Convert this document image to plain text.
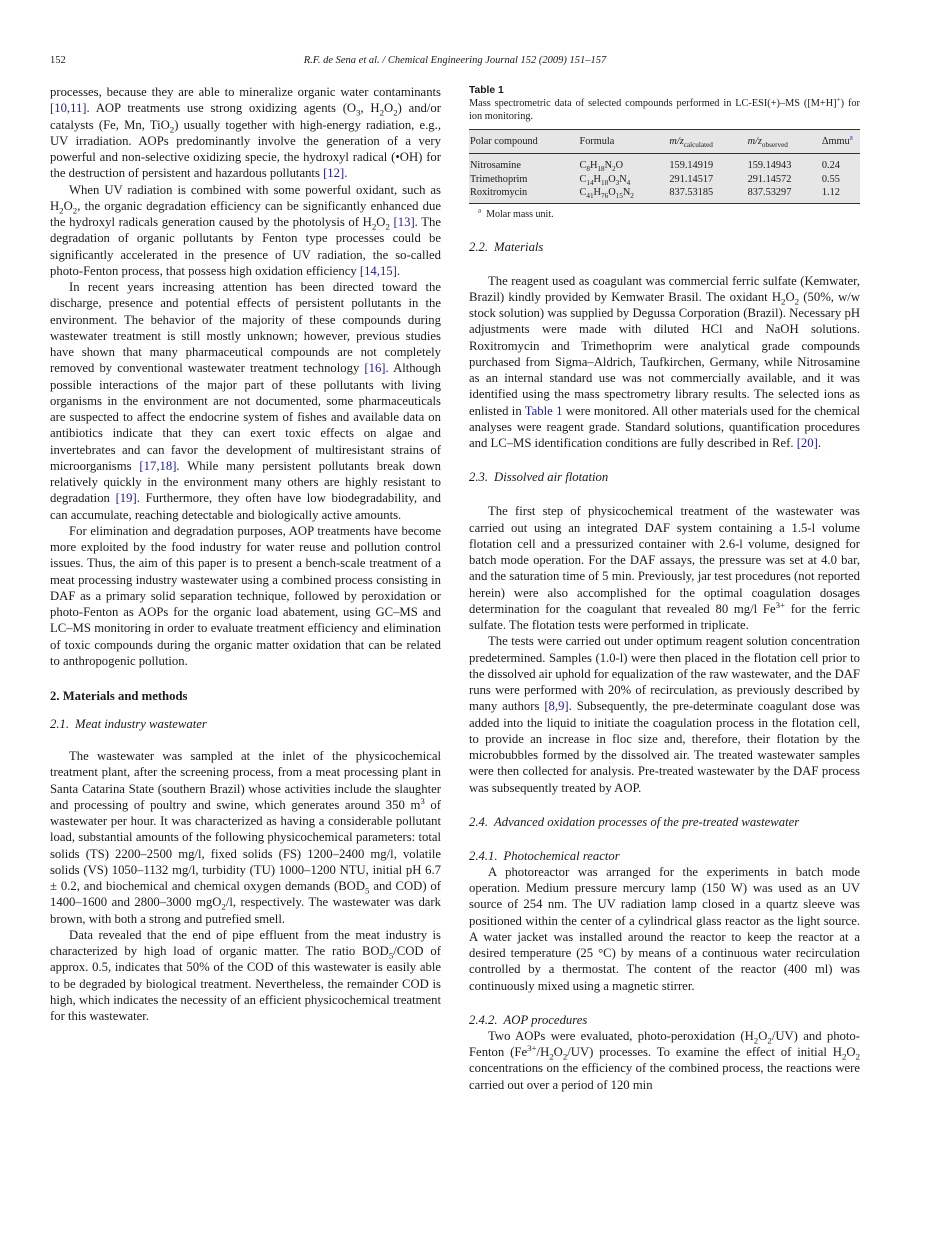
152	R.F. de Sena et al. / Chemical Engineering Journal 152 (2009) 151–157

processes, because they are able to mineralize organic water contaminants [10,11]. AOP treatments use strong oxidizing agents ($O_3$, $H_2O_2$) and/or catalysts (Fe, Mn, TiO$_2$) usually together with high-energy radiation, e.g., UV irradiation. AOPs predominantly involve the generation of a very powerful and non-selective oxidizing specie, the hydroxyl radical (•OH) for the destruction of persistent and hazardous pollutants [12].

When UV radiation is combined with some powerful oxidant, such as $H_2O_2$, the organic degradation efficiency can be significantly enhanced due the hydroxyl radicals generation caused by the photolysis of $H_2O_2$ [13]. The degradation of organic pollutants by Fenton type processes could be significantly accelerated in the presence of UV radiation, the so-called photo-Fenton process, that possess high oxidation efficiency [14,15].

In recent years increasing attention has been directed toward the discharge, presence and potential effects of persistent pollutants in the environment. The behavior of the majority of these compounds during wastewater treatment is still mostly unknown; however, previous studies have shown that many pharmaceutical compounds are not completely removed by conventional wastewater treatment technology [16]. Although possible interactions of the major part of these pollutants with living organisms in the environment are not documented, some pharmaceuticals are suspected to affect the endocrine system of fishes and available data on antibiotics indicate that they can exert toxic effects on algae and invertebrates and can favor the development of multiresistant strains of microorganisms [17,18]. While many persistent pollutants break down relatively quickly in the environment many others are highly resistant to degradation [19]. Furthermore, they often have low biodegradability, and can accumulate, reaching detectable and biologically active amounts.

For elimination and degradation purposes, AOP treatments have become more exploited by the food industry for water reuse and pollution control issues. Thus, the aim of this paper is to present a bench-scale treatment of a meat processing industry wastewater using a combined process consisting in DAF as a primary solid separation technique, followed by peroxidation or photo-Fenton as AOPs for the organic load abatement, using GC–MS and LC–MS monitoring in order to evaluate treatment efficiency and elimination of toxic compounds during the organic matter oxidation that can be related to anthropogenic pollution.

2. Materials and methods
2.1. Meat industry wastewater

The wastewater was sampled at the inlet of the physicochemical treatment plant, after the screening process, from a meat processing plant in Santa Catarina State (southern Brazil) whose activities include the slaughter and processing of poultry and swine, which generates around 350 $m^3$ of wastewater per hour. It was characterized as having a considerable pollutant load, substantial amounts of the following physicochemical parameters: total solids (TS) 2200–2500 mg/l, fixed solids (FS) 1200–2400 mg/l, volatile solids (VS) 1050–1132 mg/l, turbidity (TU) 1000–1200 NTU, initial pH 6.7 ± 0.2, and biochemical and chemical oxygen demands ($BOD_5$ and COD) of 1400–1600 and 2800–3000 mgO$_2$/l, respectively. The wastewater was dark brown, with both a strong and putrefied smell.

Data revealed that the end of pipe effluent from the meat industry is characterized by high load of organic matter. The ratio $BOD_5$/COD of approx. 0.5, indicates that 50% of the COD of this wastewater is easily able to be degraded by biological treatment. Nevertheless, the remainder COD is high, which indicates the necessity of an efficient physicochemical treatment for this wastewater.

Table 1
Mass spectrometric data of selected compounds performed in LC-ESI(+)–MS ([M+H]+) for ion monitoring.
Polar compound	Formula	$m/z_{calculated}$	$m/z_{observed}$	Δmmu$^a$
Nitrosamine	$C_8H_{18}N_2O$	159.14919	159.14943	0.24
Trimethoprim	$C_{14}H_{18}O_3N_4$	291.14517	291.14572	0.55
Roxitromycin	$C_{41}H_{76}O_{15}N_2$	837.53185	837.53297	1.12
$^a$ Molar mass unit.
2.2. Materials

The reagent used as coagulant was commercial ferric sulfate (Kemwater, Brazil) kindly provided by Kemwater Brasil. The oxidant $H_2O_2$ (50%, w/w stock solution) was supplied by Degussa Corporation (Brazil). Necessary pH adjustments were made with diluted HCl and NaOH solutions. Roxitromycin and Trimethoprim were analytical grade compounds purchased from Sigma–Aldrich, Taufkirchen, Germany, while Nitrosamine as an internal standard use was not commercially available, and it was identified using the mass spectrometry library results. The selected ions as enlisted in Table 1 were monitored. All other materials used for the chemical analyses were reagent grade. Standard solutions, quantification procedures and LC–MS identification conditions are fully described in Ref. [20].

2.3. Dissolved air flotation

The first step of physicochemical treatment of the wastewater was carried out using an integrated DAF system containing a 1.5-l volume flotation cell and a pressurized container with 2.6-l volume, designed for batch mode operation. For the DAF assays, the pressure was set at 4.0 bar, and the saturation time of 5 min. Previously, jar test procedures (not reported herein) were also accomplished for the optimal coagulation dosages determination for the coagulant that revealed 80 mg/l $Fe^{3+}$ for the ferric sulfate. The flotation tests were performed in triplicate.

The tests were carried out under optimum reagent solution concentration predetermined. Samples (1.0-l) were then placed in the flotation cell prior to the dissolved air uphold for equalization of the raw wastewater, and the DAF runs were performed with 20% of recirculation, as previously described by many authors [8,9]. Subsequently, the pre-determinate coagulant dose was added into the liquid to initiate the coagulation process in the flotation cell, to provide an increase in floc size and, therefore, their flotation by the microbubbles formed by the dissolved air. The treated wastewater samples were then collected for analysis. Pre-treated wastewater by the DAF process was subsequently treated by AOP.

2.4. Advanced oxidation processes of the pre-treated wastewater
2.4.1. Photochemical reactor

A photoreactor was arranged for the experiments in batch mode operation. Medium pressure mercury lamp (150 W) was used as an UV source of 254 nm. The UV radiation lamp closed in a quartz sleeve was positioned within the center of a cylindrical glass reactor as the light source. A water jacket was installed around the reactor to keep the reactor at a desired temperature (25 °C) by means of a continuous water recirculation controlled by a thermostat. The content of the reactor (400 ml) was continuously mixed using a magnetic stirrer.

2.4.2. AOP procedures

Two AOPs were evaluated, photo-peroxidation $(H_2O_2/UV)$ and photo-Fenton $(Fe^{3+}/H_2O_2/UV)$ processes. To examine the effect of initial $H_2O_2$ concentrations on the efficiency of the combined process, the reactions were carried out over a period of 120 min
